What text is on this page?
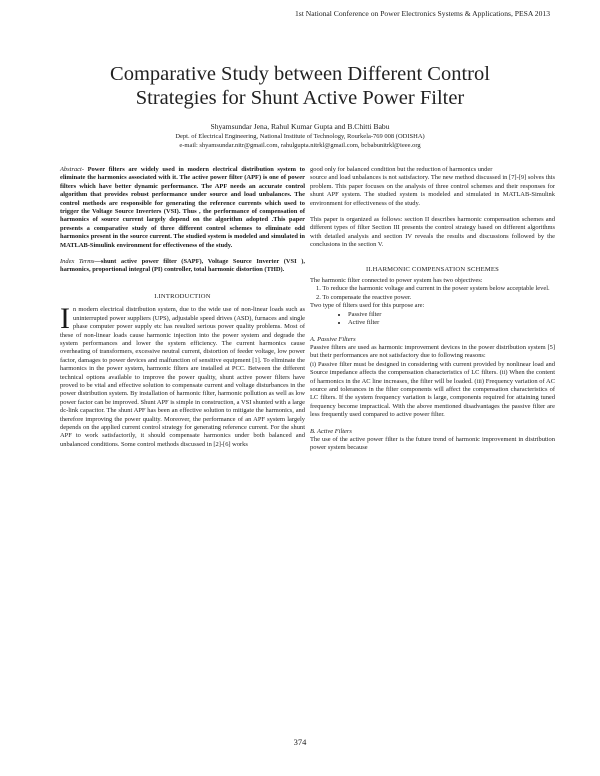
1st National Conference on Power Electronics Systems & Applications, PESA 2013
Comparative Study between Different Control
Strategies for Shunt Active Power Filter
Shyamsundar Jena, Rahul Kumar Gupta and B.Chitti Babu
Dept. of Electrical Engineering, National Institute of Technology, Rourkela-769 008 (ODISHA)
e-mail: shyamsundar.nitr@gmail.com, rahulgupta.nitrkl@gmail.com, bcbabunitrkl@ieee.org

Abstract- Power filters are widely used in modern electrical distribution system to eliminate the harmonics associated with it. The active power filter (APF) is one of power filters which have better dynamic performance. The APF needs an accurate control algorithm that provides robust performance under source and load unbalances. The control methods are responsible for generating the reference currents which used to trigger the Voltage Source Inverters (VSI). Thus , the performance of compensation of harmonics of source current largely depend on the algorithm adopted .This paper presents a comparative study of three different control schemes to eliminate odd harmonics present in the source current. The studied system is modeled and simulated in MATLAB-Simulink environment for effectiveness of the study.

Index Terms—shunt active power filter (SAPF), Voltage Source Inverter (VSI ), harmonics, proportional integral (PI) controller, total harmonic distortion (THD).

I.INTRODUCTION

In modern electrical distribution system, due to the wide use of non-linear loads such as uninterrupted power suppliers (UPS), adjustable speed drives (ASD), furnaces and single phase computer power supply etc has resulted serious power quality problems. Most of these of non-linear loads cause harmonic injection into the power system and degrade the system performances and lower the system efficiency. The current harmonics cause overheating of transformers, excessive neutral current, distortion of feeder voltage, low power factor, damages to power devices and malfunction of sensitive equipment [1]. To eliminate the harmonics in the power system, harmonic filters are installed at PCC. Between the different technical options available to improve the power quality, shunt active power filters have proved to be vital and effective solution to compensate current and voltage disturbances in the power distribution system. By installation of harmonic filter, harmonic pollution as well as low power factor can be improved. Shunt APF is simple in construction, a VSI shunted with a large dc-link capacitor. The shunt APF has been an effective solution to mitigate the harmonics, and therefore improving the power quality. Moreover, the performance of an APF system largely depends on the applied current control strategy for generating reference current. For the shunt APF to work satisfactorily, it should compensate harmonics under both balanced and unbalanced conditions. Some control methods discussed in [2]-[6] works

good only for balanced condition but the reduction of harmonics under

source and load unbalances is not satisfactory. The new method discussed in [7]-[9] solves this problem. This paper focuses on the analysis of three control schemes and their responses for shunt APF system. The studied system is modeled and simulated in MATLAB-Simulink environment for effectiveness of the study.

This paper is organized as follows: section II describes harmonic compensation schemes and different types of filter Section III presents the control strategy based on different algorithms with detailed analysis and section IV reveals the results and discussions followed by the conclusions in the section V.

II.HARMONIC COMPENSATION SCHEMES

The harmonic filter connected to power system has two objectives:

1. To reduce the harmonic voltage and current in the power system below acceptable level.

2. To compensate the reactive power.

Two type of filters used for this purpose are:

• Passive filter
• Active filter

A. Passive Filters

Passive filters are used as harmonic improvement devices in the power distribution system [5] but their performances are not satisfactory due to following reasons:

(i) Passive filter must be designed in considering with current provided by nonlinear load and Source impedance affects the compensation characteristics of LC filters. (ii) When the content of harmonics in the AC line increases, the filter will be loaded. (iii) Frequency variation of AC source and tolerances in the filter components will affect the compensation characteristics of LC filters. If the system frequency variation is large, components required for attaining tuned frequency become impractical. With the above mentioned disadvantages the passive filter are less frequently used compared to active power filter.

B. Active Filters

The use of the active power filter is the future trend of harmonic improvement in distribution power system because

374
